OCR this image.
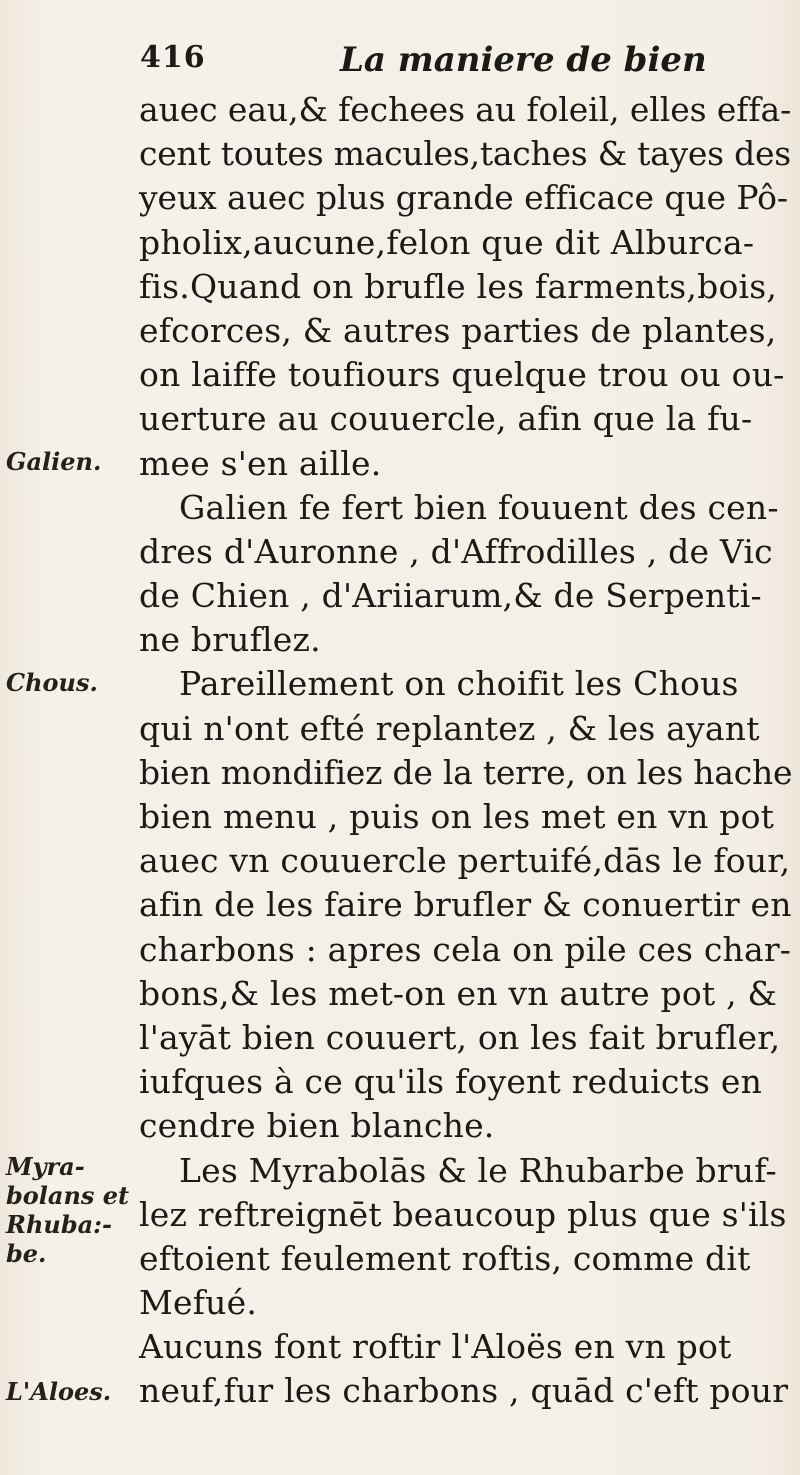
416	La maniere de bien
Galien.
Chous.
Myra-
bolans et
Rhuba:-
be.
L'Aloes.
auec eau,& fechees au foleil, elles effa-
cent toutes macules,taches & tayes des
yeux auec plus grande efficace que Pô-
pholix,aucune,felon que dit Alburca-
fis.Quand on brufle les farments,bois,
efcorces, & autres parties de plantes,
on laiffe toufiours quelque trou ou ou-
uerture au couuercle, afin que la fu-
mee s'en aille.
Galien fe fert bien fouuent des cen-
dres d'Auronne , d'Affrodilles , de Vic
de Chien , d'Ariiarum,& de Serpenti-
ne bruflez.
Pareillement on choifit les Chous
qui n'ont efté replantez , & les ayant
bien mondifiez de la terre, on les hache
bien menu , puis on les met en vn pot
auec vn couuercle pertuifé,dās le four,
afin de les faire brufler & conuertir en
charbons : apres cela on pile ces char-
bons,& les met-on en vn autre pot , &
l'ayāt bien couuert, on les fait brufler,
iufques à ce qu'ils foyent reduicts en
cendre bien blanche.
Les Myrabolās & le Rhubarbe bruf-
lez reftreignēt beaucoup plus que s'ils
eftoient feulement roftis, comme dit
Mefué.
Aucuns font roftir l'Aloës en vn pot
neuf,fur les charbons , quād c'eft pour
